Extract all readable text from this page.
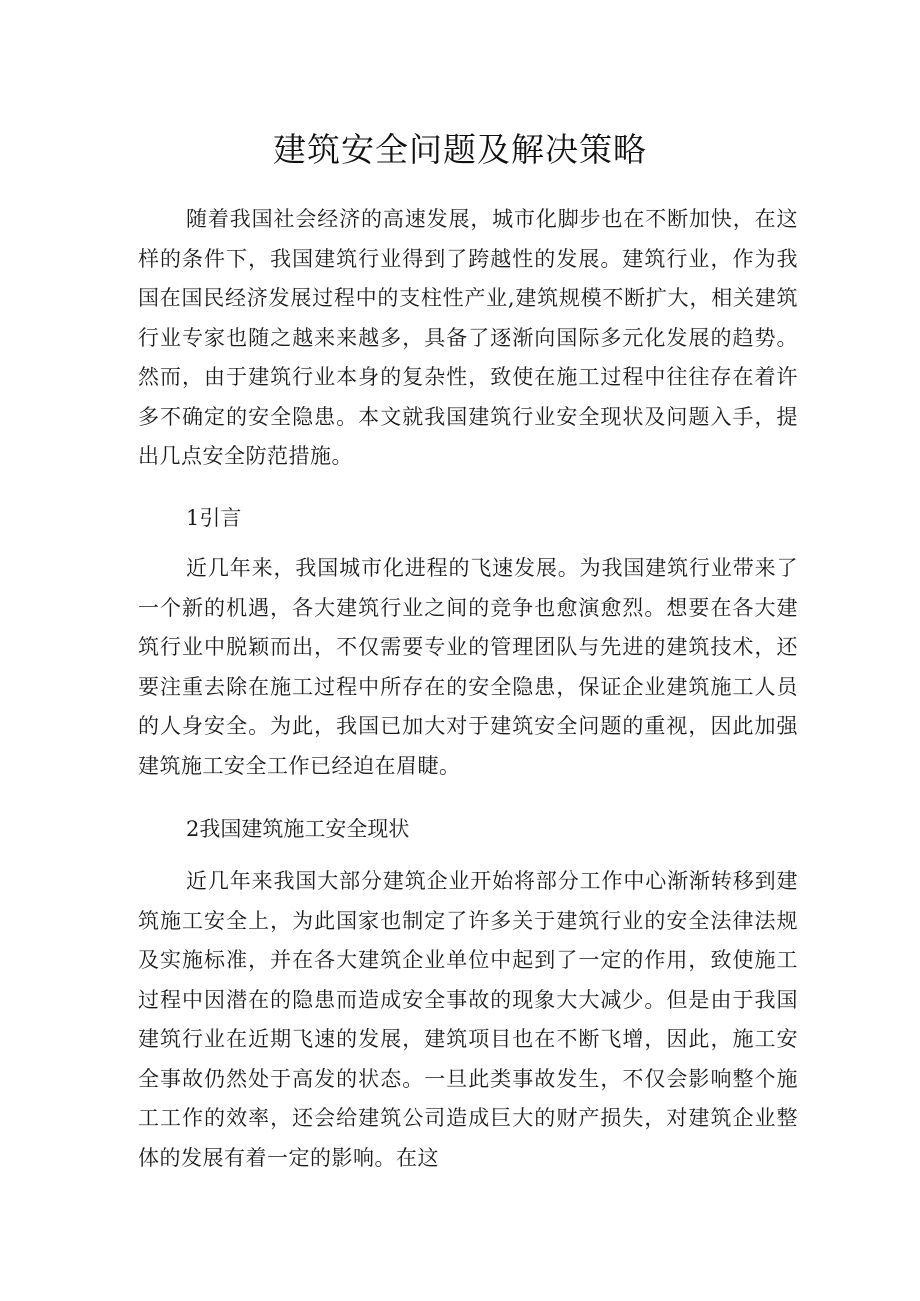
建筑安全问题及解决策略

随着我国社会经济的高速发展，城市化脚步也在不断加快，在这样的条件下，我国建筑行业得到了跨越性的发展。建筑行业，作为我国在国民经济发展过程中的支柱性产业,建筑规模不断扩大，相关建筑行业专家也随之越来来越多，具备了逐渐向国际多元化发展的趋势。然而，由于建筑行业本身的复杂性，致使在施工过程中往往存在着许多不确定的安全隐患。本文就我国建筑行业安全现状及问题入手，提出几点安全防范措施。

1引言

近几年来，我国城市化进程的飞速发展。为我国建筑行业带来了一个新的机遇，各大建筑行业之间的竞争也愈演愈烈。想要在各大建筑行业中脱颖而出，不仅需要专业的管理团队与先进的建筑技术，还要注重去除在施工过程中所存在的安全隐患，保证企业建筑施工人员的人身安全。为此，我国已加大对于建筑安全问题的重视，因此加强建筑施工安全工作已经迫在眉睫。

2我国建筑施工安全现状

近几年来我国大部分建筑企业开始将部分工作中心渐渐转移到建筑施工安全上，为此国家也制定了许多关于建筑行业的安全法律法规及实施标准，并在各大建筑企业单位中起到了一定的作用，致使施工过程中因潜在的隐患而造成安全事故的现象大大减少。但是由于我国建筑行业在近期飞速的发展，建筑项目也在不断飞增，因此，施工安全事故仍然处于高发的状态。一旦此类事故发生，不仅会影响整个施工工作的效率，还会给建筑公司造成巨大的财产损失，对建筑企业整体的发展有着一定的影响。在这
